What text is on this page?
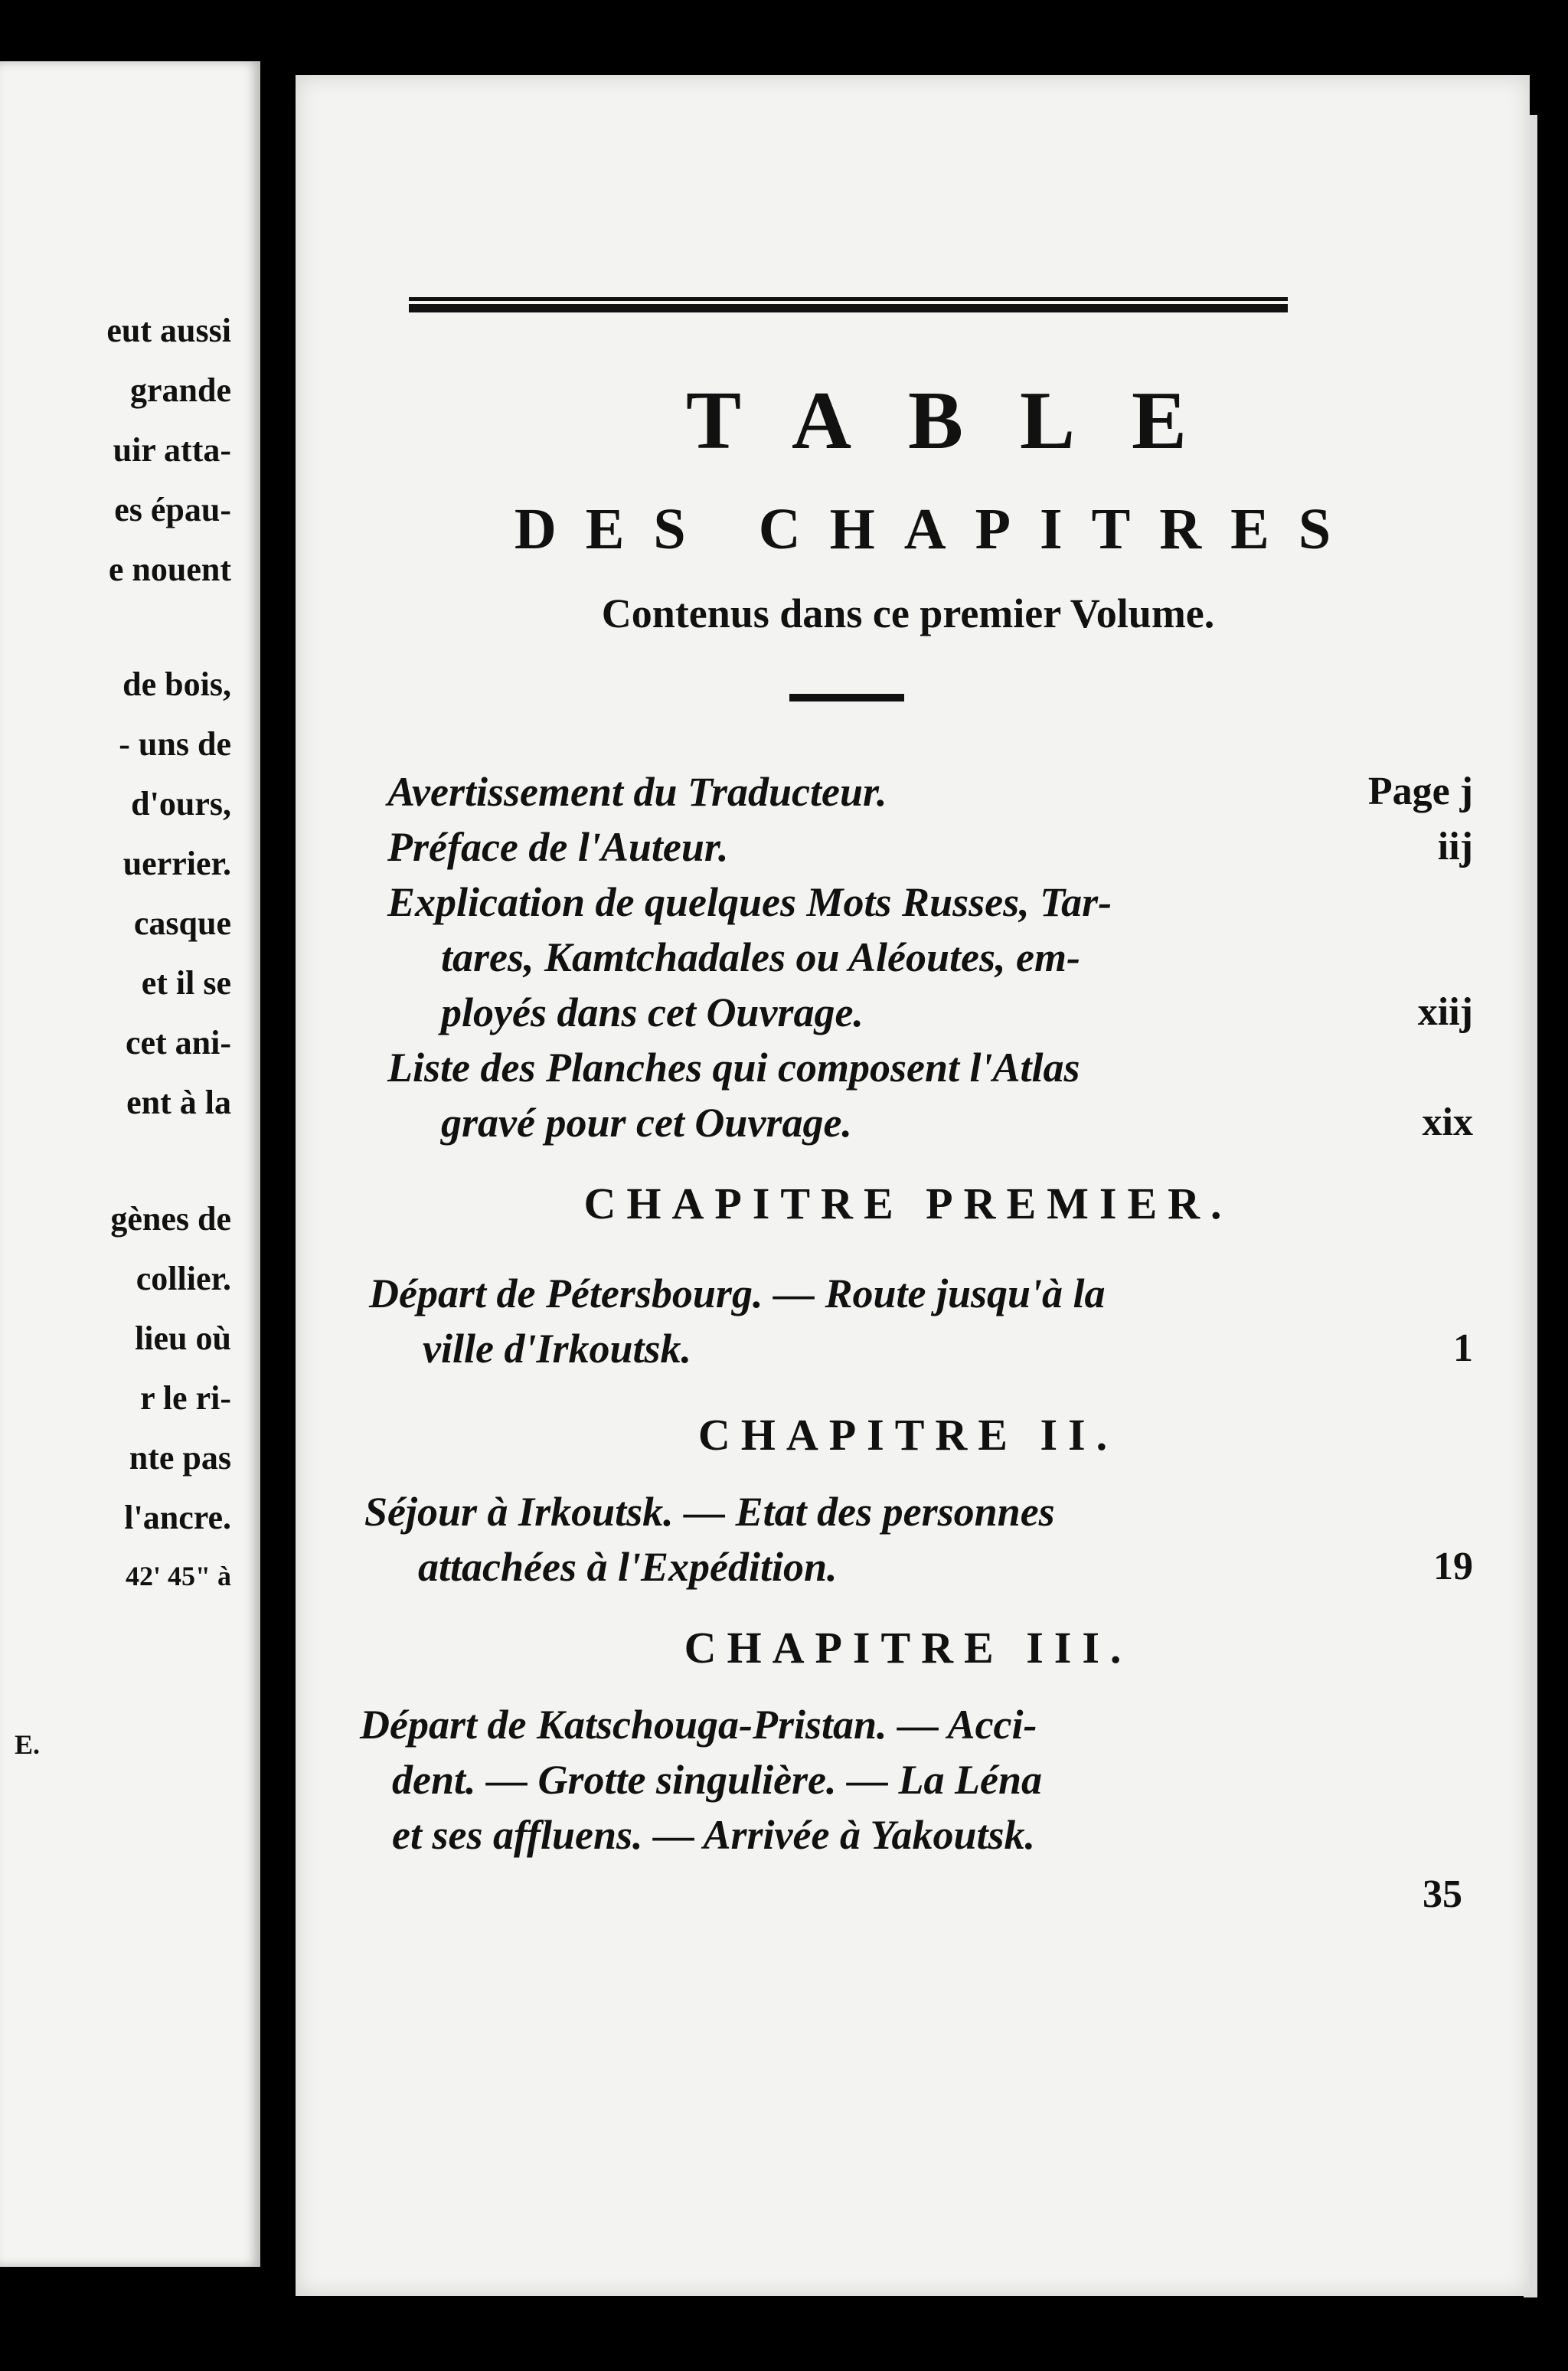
eut aussi
grande
uir atta-
es épau-
e nouent
de bois,
- uns de
d'ours,
uerrier.
casque
et il se
cet ani-
ent à la
gènes de
collier.
lieu où
r le ri-
nte pas
l'ancre.
42' 45" à
E.
TABLE
DES CHAPITRES
Contenus dans ce premier Volume.
Avertissement du Traducteur.	Page j
Préface de l'Auteur.	iij
Explication de quelques Mots Russes, Tar-
tares, Kamtchadales ou Aléoutes, em-
ployés dans cet Ouvrage.	xiij
Liste des Planches qui composent l'Atlas
gravé pour cet Ouvrage.	xix
CHAPITRE PREMIER.
Départ de Pétersbourg. — Route jusqu'à la
ville d'Irkoutsk.	1
CHAPITRE II.
Séjour à Irkoutsk. — Etat des personnes
attachées à l'Expédition.	19
CHAPITRE III.
Départ de Katschouga-Pristan. — Acci-
dent. — Grotte singulière. — La Léna
et ses affluens. — Arrivée à Yakoutsk.
35
